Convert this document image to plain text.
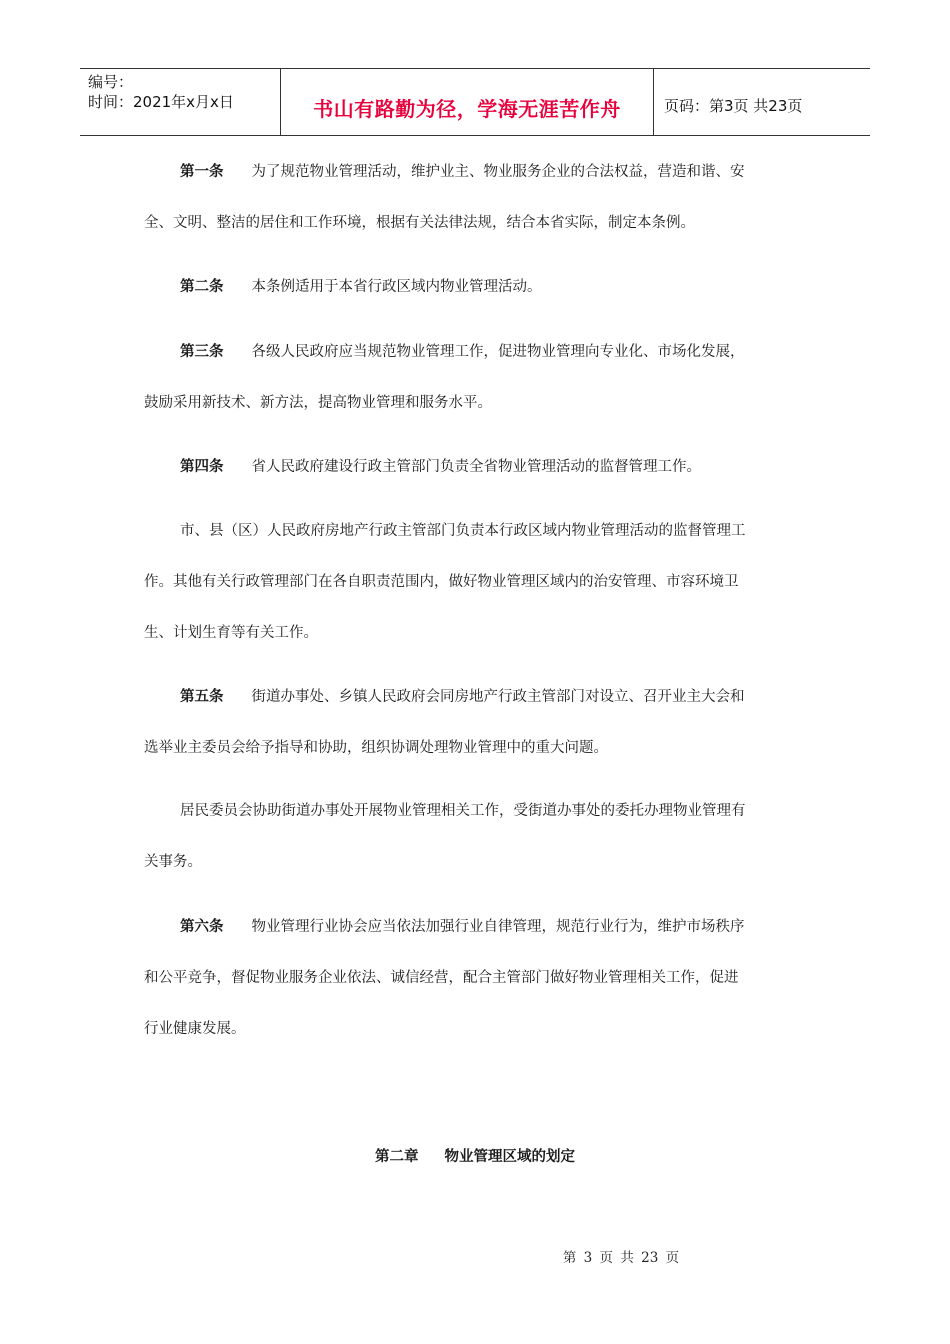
编号：
时间：2021年x月x日	书山有路勤为径，学海无涯苦作舟	页码：第3页 共23页

第一条 为了规范物业管理活动，维护业主、物业服务企业的合法权益，营造和谐、安

全、文明、整洁的居住和工作环境，根据有关法律法规，结合本省实际，制定本条例。

第二条 本条例适用于本省行政区域内物业管理活动。

第三条 各级人民政府应当规范物业管理工作，促进物业管理向专业化、市场化发展，

鼓励采用新技术、新方法，提高物业管理和服务水平。

第四条 省人民政府建设行政主管部门负责全省物业管理活动的监督管理工作。

市、县（区）人民政府房地产行政主管部门负责本行政区域内物业管理活动的监督管理工

作。其他有关行政管理部门在各自职责范围内，做好物业管理区域内的治安管理、市容环境卫

生、计划生育等有关工作。

第五条 街道办事处、乡镇人民政府会同房地产行政主管部门对设立、召开业主大会和

选举业主委员会给予指导和协助，组织协调处理物业管理中的重大问题。

居民委员会协助街道办事处开展物业管理相关工作，受街道办事处的委托办理物业管理有

关事务。

第六条 物业管理行业协会应当依法加强行业自律管理，规范行业行为，维护市场秩序

和公平竞争，督促物业服务企业依法、诚信经营，配合主管部门做好物业管理相关工作，促进

行业健康发展。

第二章 物业管理区域的划定
第 3 页 共 23 页
